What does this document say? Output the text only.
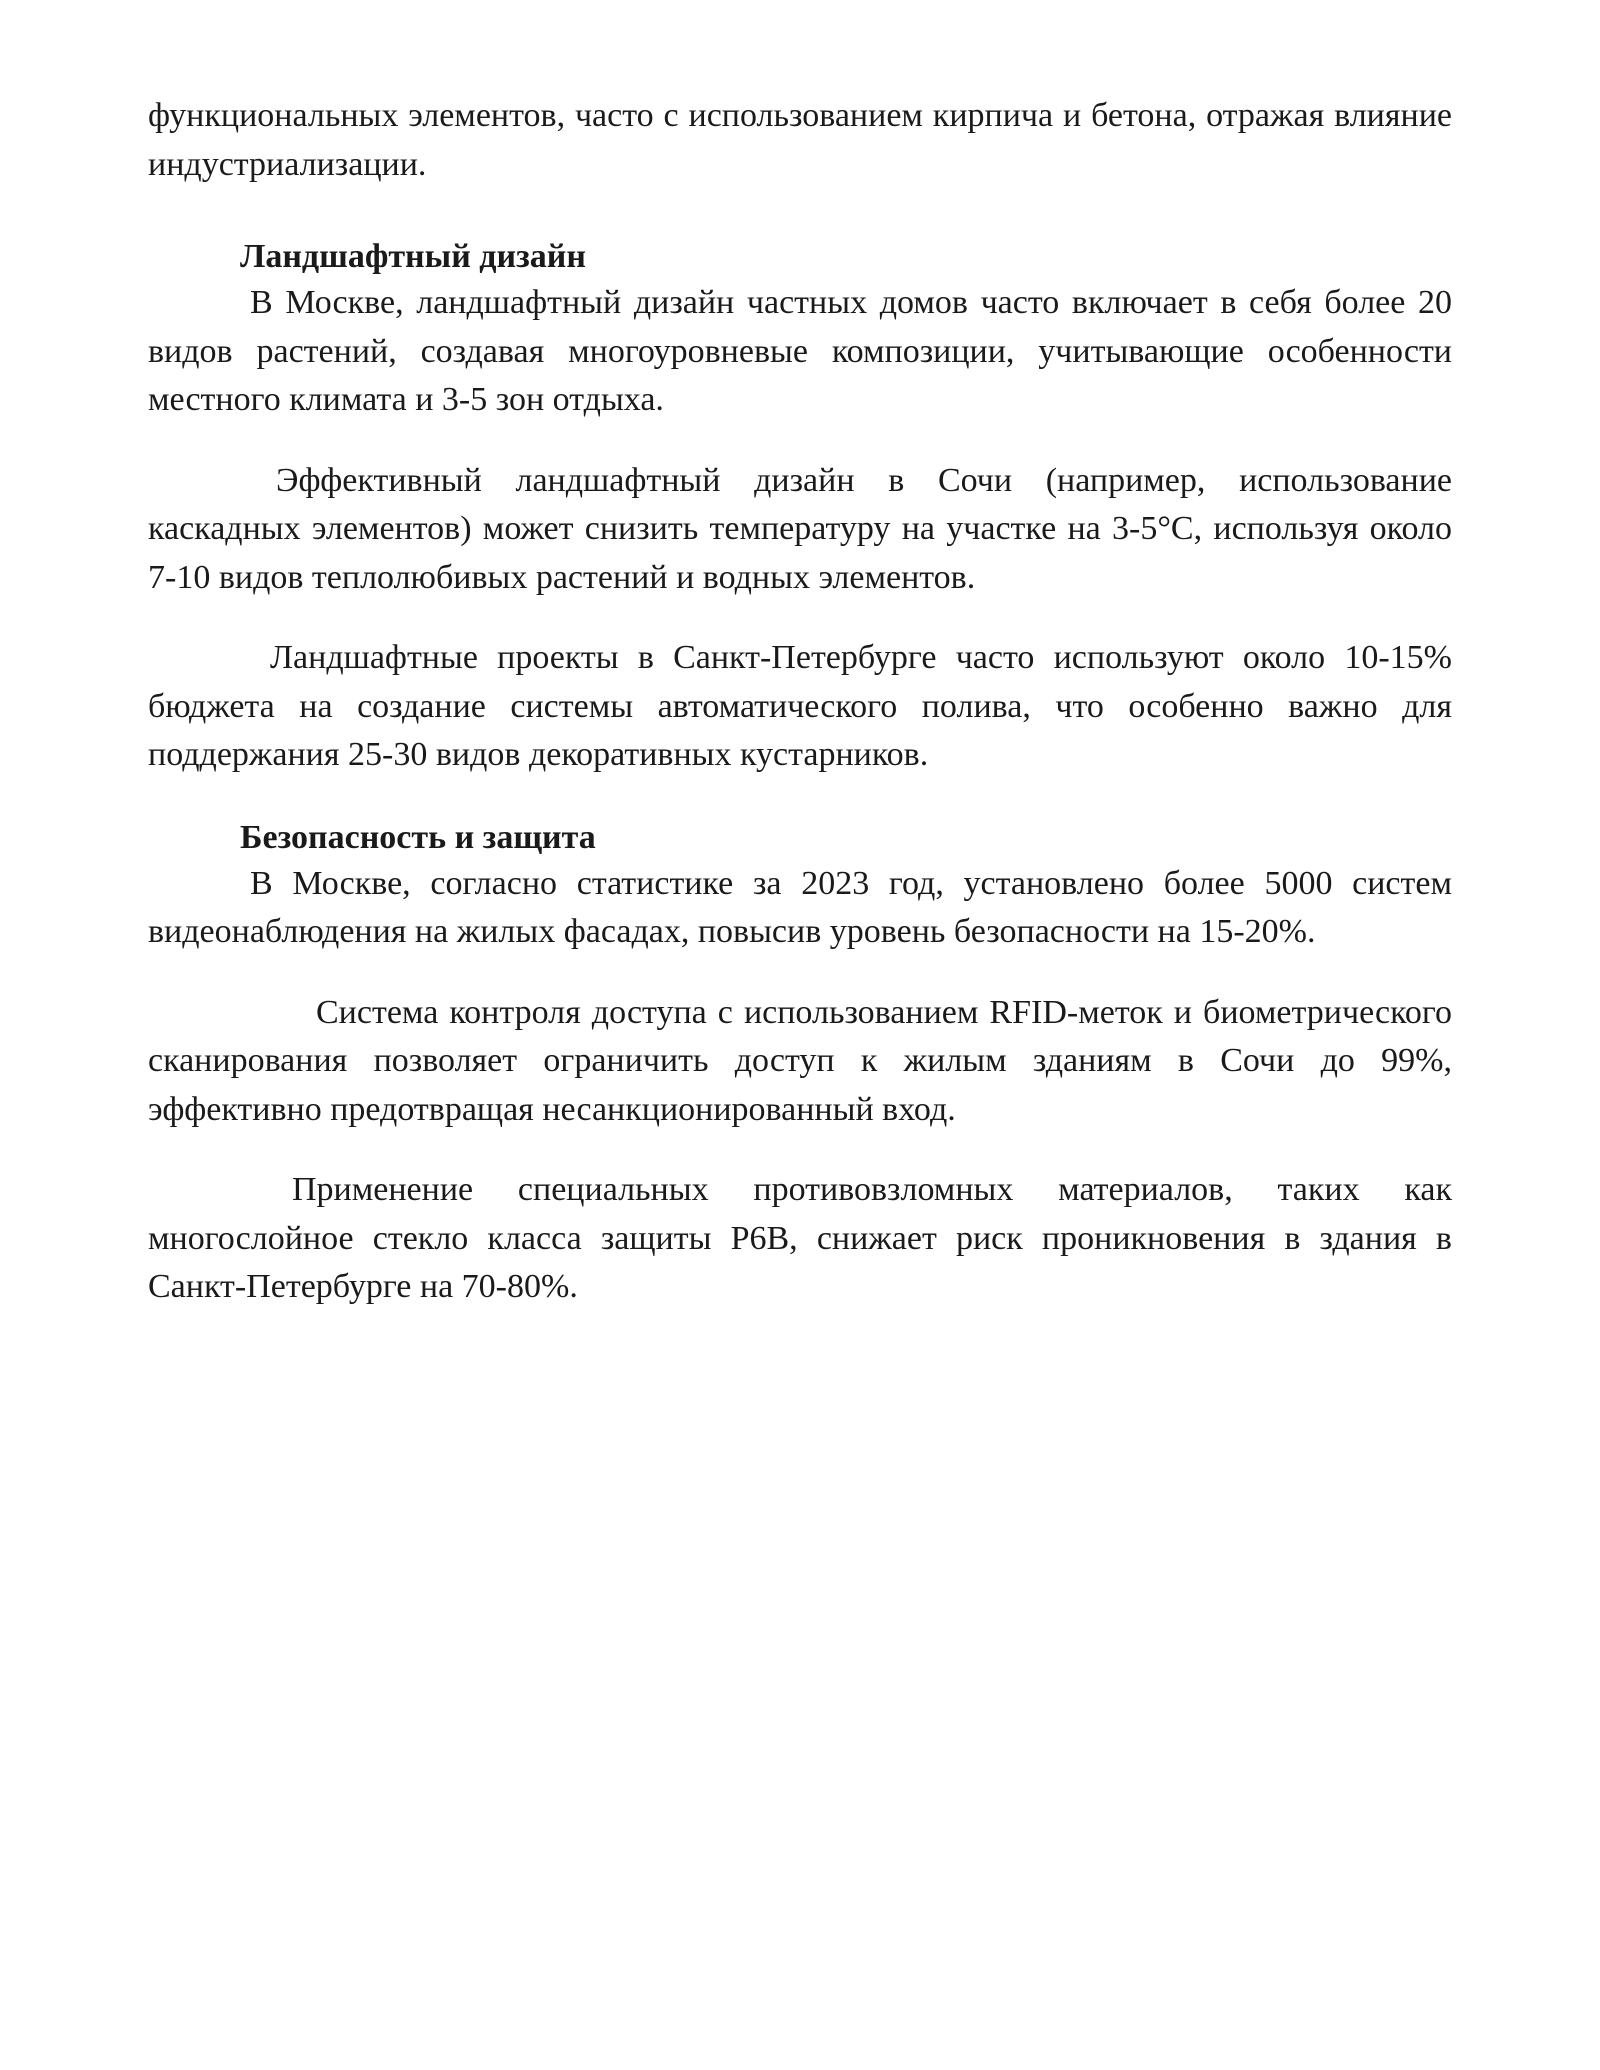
функциональных элементов, часто с использованием кирпича и бетона, отражая влияние индустриализации.

Ландшафтный дизайн

В Москве, ландшафтный дизайн частных домов часто включает в себя более 20 видов растений, создавая многоуровневые композиции, учитывающие особенности местного климата и 3-5 зон отдыха.

Эффективный ландшафтный дизайн в Сочи (например, использование каскадных элементов) может снизить температуру на участке на 3-5°C, используя около 7-10 видов теплолюбивых растений и водных элементов.

Ландшафтные проекты в Санкт-Петербурге часто используют около 10-15% бюджета на создание системы автоматического полива, что особенно важно для поддержания 25-30 видов декоративных кустарников.

Безопасность и защита

В Москве, согласно статистике за 2023 год, установлено более 5000 систем видеонаблюдения на жилых фасадах, повысив уровень безопасности на 15-20%.

Система контроля доступа с использованием RFID-меток и биометрического сканирования позволяет ограничить доступ к жилым зданиям в Сочи до 99%, эффективно предотвращая несанкционированный вход.

Применение специальных противовзломных материалов, таких как многослойное стекло класса защиты P6B, снижает риск проникновения в здания в Санкт-Петербурге на 70-80%.
